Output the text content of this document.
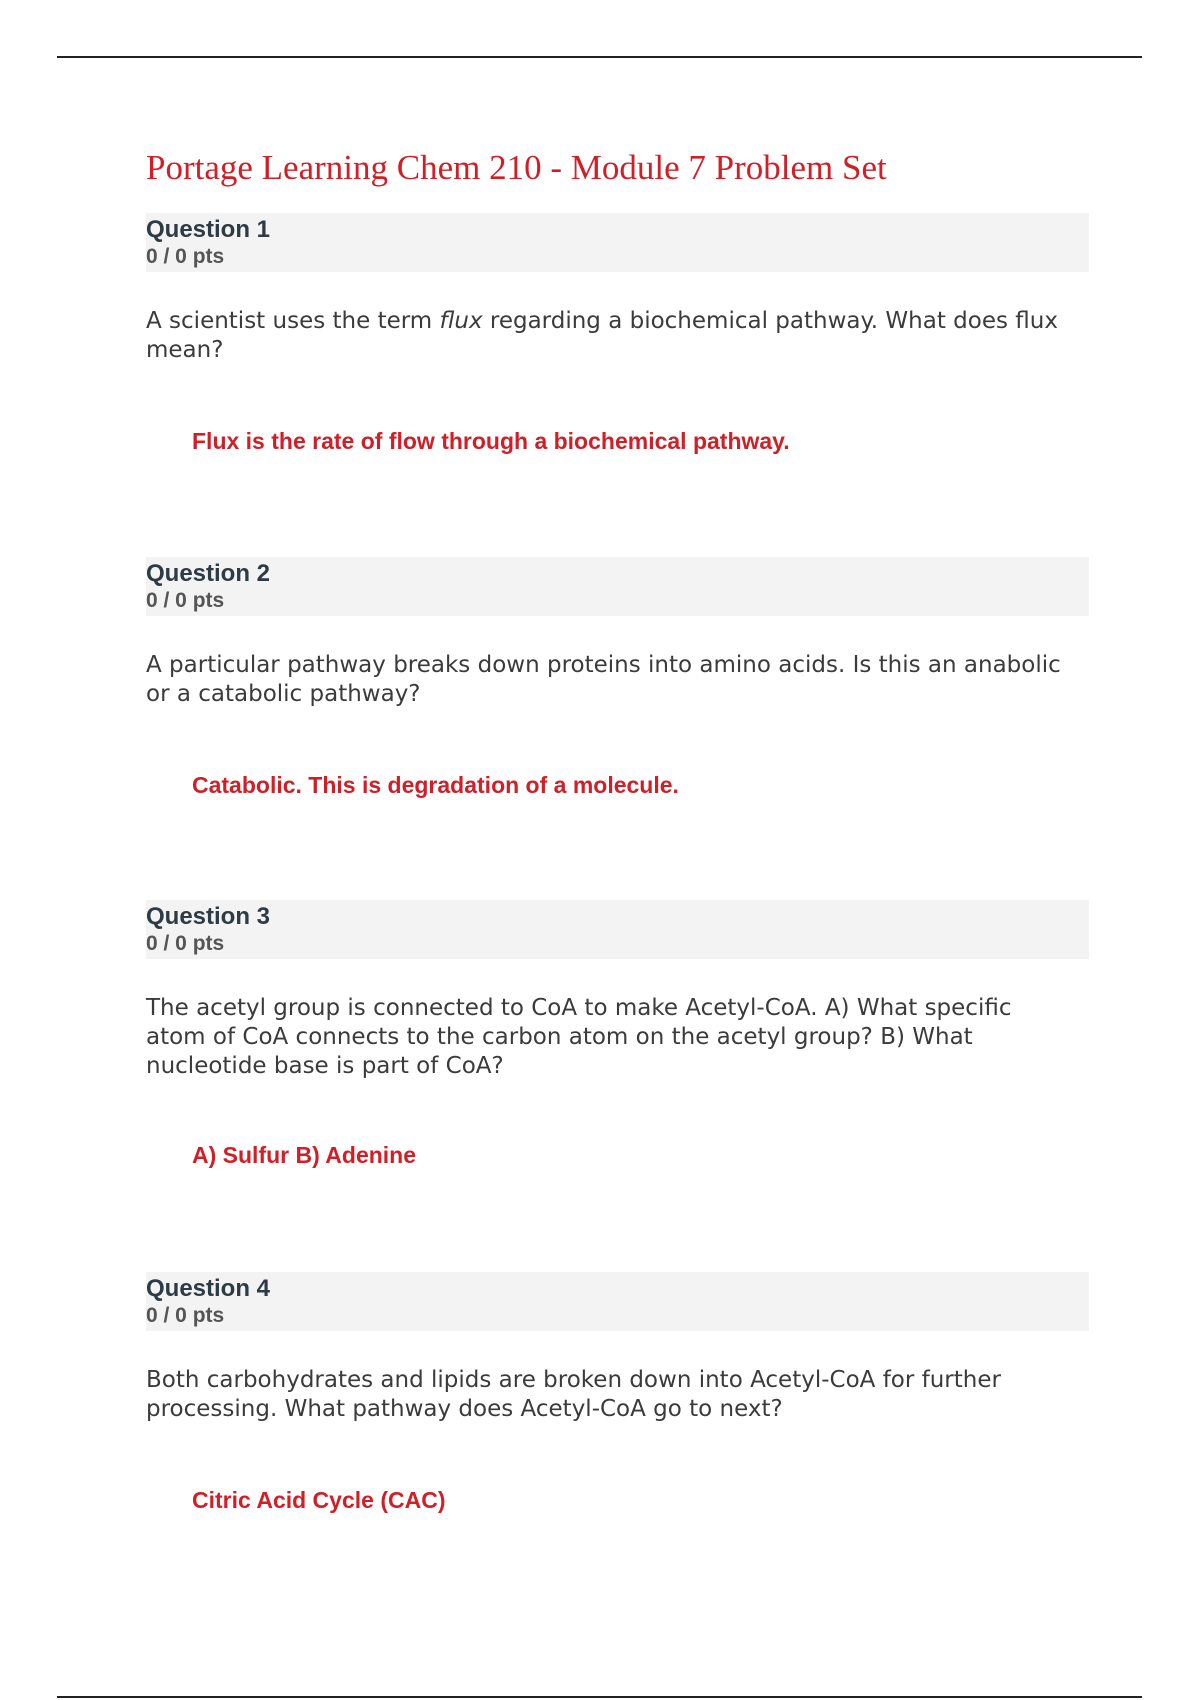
Portage Learning Chem 210 - Module 7 Problem Set
Question 1
0 / 0 pts

A scientist uses the term flux regarding a biochemical pathway. What does flux mean?

Flux is the rate of flow through a biochemical pathway.

Question 2
0 / 0 pts

A particular pathway breaks down proteins into amino acids. Is this an anabolic or a catabolic pathway?

Catabolic. This is degradation of a molecule.

Question 3
0 / 0 pts

The acetyl group is connected to CoA to make Acetyl-CoA. A) What specific atom of CoA connects to the carbon atom on the acetyl group? B) What nucleotide base is part of CoA?

A) Sulfur B) Adenine

Question 4
0 / 0 pts

Both carbohydrates and lipids are broken down into Acetyl-CoA for further processing. What pathway does Acetyl-CoA go to next?

Citric Acid Cycle (CAC)
